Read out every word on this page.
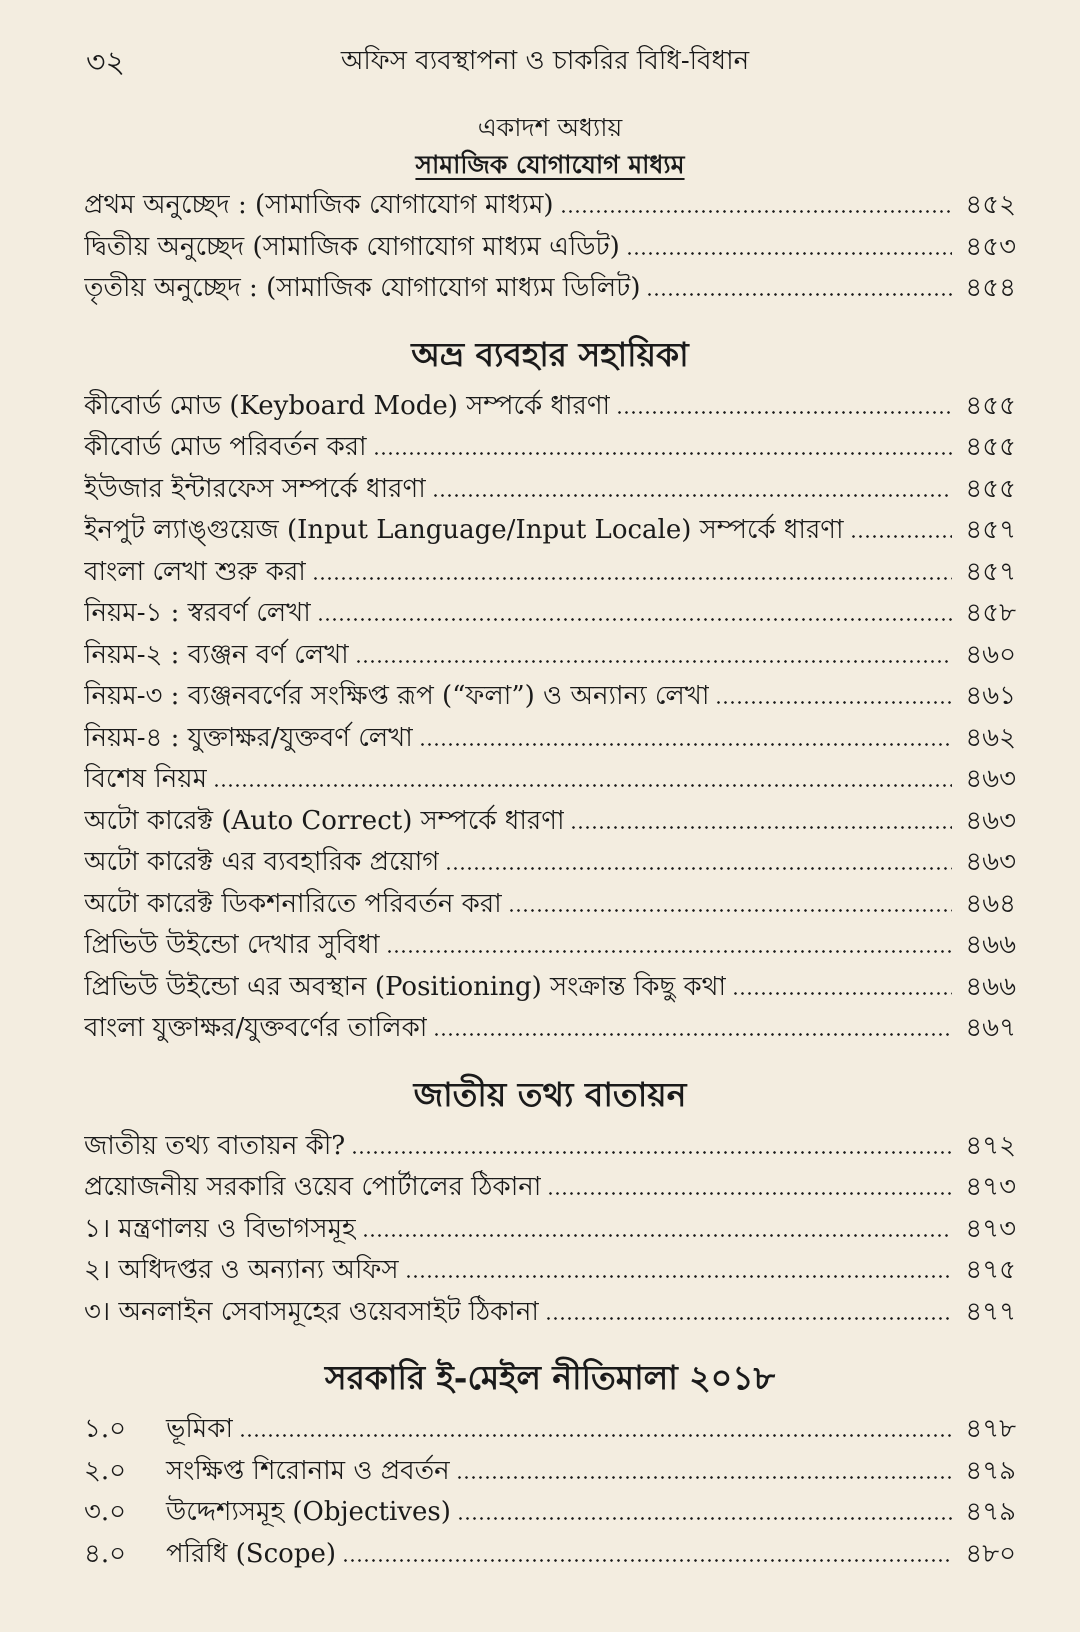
৩২	অফিস ব্যবস্থাপনা ও চাকরির বিধি-বিধান
একাদশ অধ্যায়
সামাজিক যোগাযোগ মাধ্যম
প্রথম অনুচ্ছেদ : (সামাজিক যোগাযোগ মাধ্যম)	৪৫২
দ্বিতীয় অনুচ্ছেদ (সামাজিক যোগাযোগ মাধ্যম এডিট)	৪৫৩
তৃতীয় অনুচ্ছেদ : (সামাজিক যোগাযোগ মাধ্যম ডিলিট)	৪৫৪
অভ্র ব্যবহার সহায়িকা
কীবোর্ড মোড (Keyboard Mode) সম্পর্কে ধারণা	৪৫৫
কীবোর্ড মোড পরিবর্তন করা	৪৫৫
ইউজার ইন্টারফেস সম্পর্কে ধারণা	৪৫৫
ইনপুট ল্যাঙ্গুয়েজ (Input Language/Input Locale) সম্পর্কে ধারণা	৪৫৭
বাংলা লেখা শুরু করা	৪৫৭
নিয়ম-১ : স্বরবর্ণ লেখা	৪৫৮
নিয়ম-২ : ব্যঞ্জন বর্ণ লেখা	৪৬০
নিয়ম-৩ : ব্যঞ্জনবর্ণের সংক্ষিপ্ত রূপ (“ফলা”) ও অন্যান্য লেখা	৪৬১
নিয়ম-৪ : যুক্তাক্ষর/যুক্তবর্ণ লেখা	৪৬২
বিশেষ নিয়ম	৪৬৩
অটো কারেক্ট (Auto Correct) সম্পর্কে ধারণা	৪৬৩
অটো কারেক্ট এর ব্যবহারিক প্রয়োগ	৪৬৩
অটো কারেক্ট ডিকশনারিতে পরিবর্তন করা	৪৬৪
প্রিভিউ উইন্ডো দেখার সুবিধা	৪৬৬
প্রিভিউ উইন্ডো এর অবস্থান (Positioning) সংক্রান্ত কিছু কথা	৪৬৬
বাংলা যুক্তাক্ষর/যুক্তবর্ণের তালিকা	৪৬৭
জাতীয় তথ্য বাতায়ন
জাতীয় তথ্য বাতায়ন কী?	৪৭২
প্রয়োজনীয় সরকারি ওয়েব পোর্টালের ঠিকানা	৪৭৩
১। মন্ত্রণালয় ও বিভাগসমূহ	৪৭৩
২। অধিদপ্তর ও অন্যান্য অফিস	৪৭৫
৩। অনলাইন সেবাসমূহের ওয়েবসাইট ঠিকানা	৪৭৭
সরকারি ই-মেইল নীতিমালা ২০১৮
১.০ ভূমিকা	৪৭৮
২.০ সংক্ষিপ্ত শিরোনাম ও প্রবর্তন	৪৭৯
৩.০ উদ্দেশ্যসমূহ (Objectives)	৪৭৯
৪.০ পরিধি (Scope)	৪৮০
